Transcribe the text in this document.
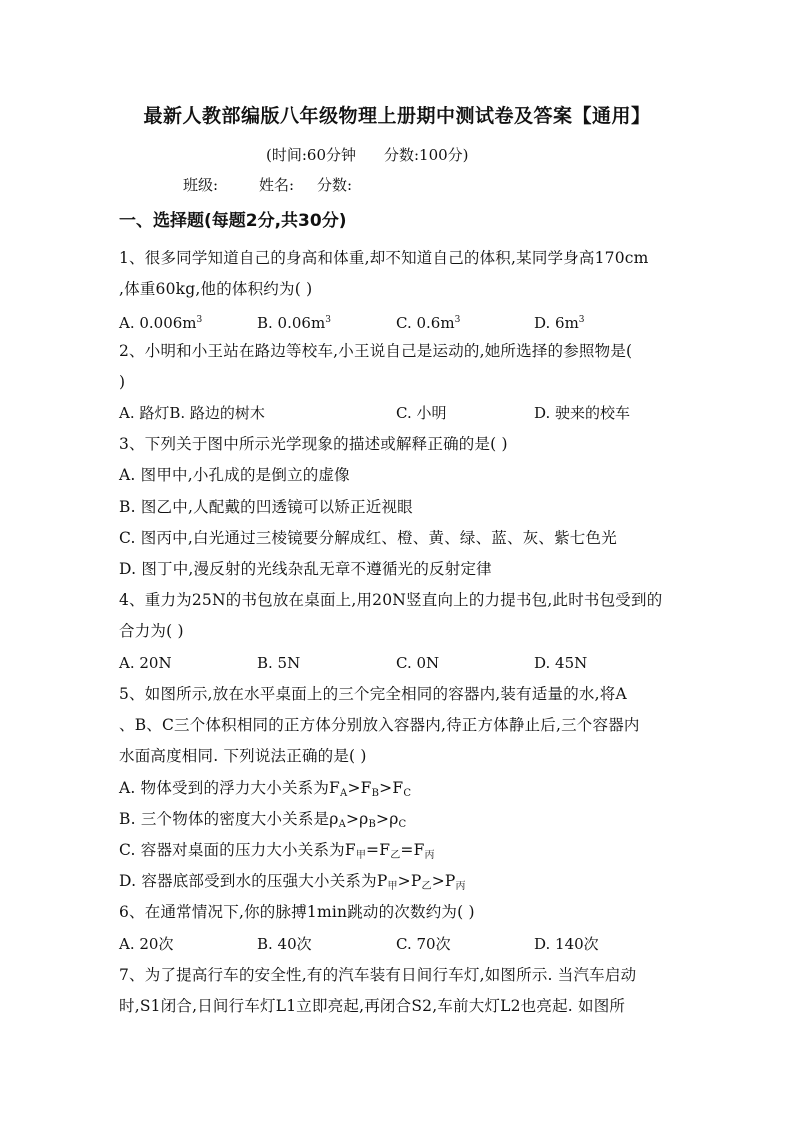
最新人教部编版八年级物理上册期中测试卷及答案【通用】
(时间:60分钟 分数:100分)
班级:	姓名: 分数:
一、选择题(每题2分,共30分)
1、很多同学知道自己的身高和体重,却不知道自己的体积,某同学身高170cm
,体重60kg,他的体积约为( )
A. $0.006m^3$	B. $0.06m^3$	C. $0.6m^3$	D. $6m^3$
2、小明和小王站在路边等校车,小王说自己是运动的,她所选择的参照物是(
)
A. 路灯B. 路边的树木	C. 小明	D. 驶来的校车
3、下列关于图中所示光学现象的描述或解释正确的是( )
A. 图甲中,小孔成的是倒立的虚像
B. 图乙中,人配戴的凹透镜可以矫正近视眼
C. 图丙中,白光通过三棱镜要分解成红、橙、黄、绿、蓝、灰、紫七色光
D. 图丁中,漫反射的光线杂乱无章不遵循光的反射定律
4、重力为25N的书包放在桌面上,用20N竖直向上的力提书包,此时书包受到的
合力为( )
A. 20N	B. 5N	C. 0N	D. 45N
5、如图所示,放在水平桌面上的三个完全相同的容器内,装有适量的水,将A
、B、C三个体积相同的正方体分别放入容器内,待正方体静止后,三个容器内
水面高度相同. 下列说法正确的是( )
A. 物体受到的浮力大小关系为$F_A>F_B>F_C$
B. 三个物体的密度大小关系是$\rho_A>\rho_B>\rho_C$
C. 容器对桌面的压力大小关系为$F_甲=F_乙=F_丙$
D. 容器底部受到水的压强大小关系为$P_甲>P_乙>P_丙$
6、在通常情况下,你的脉搏1min跳动的次数约为( )
A. 20次	B. 40次	C. 70次	D. 140次
7、为了提高行车的安全性,有的汽车装有日间行车灯,如图所示. 当汽车启动
时,S1闭合,日间行车灯L1立即亮起,再闭合S2,车前大灯L2也亮起. 如图所
